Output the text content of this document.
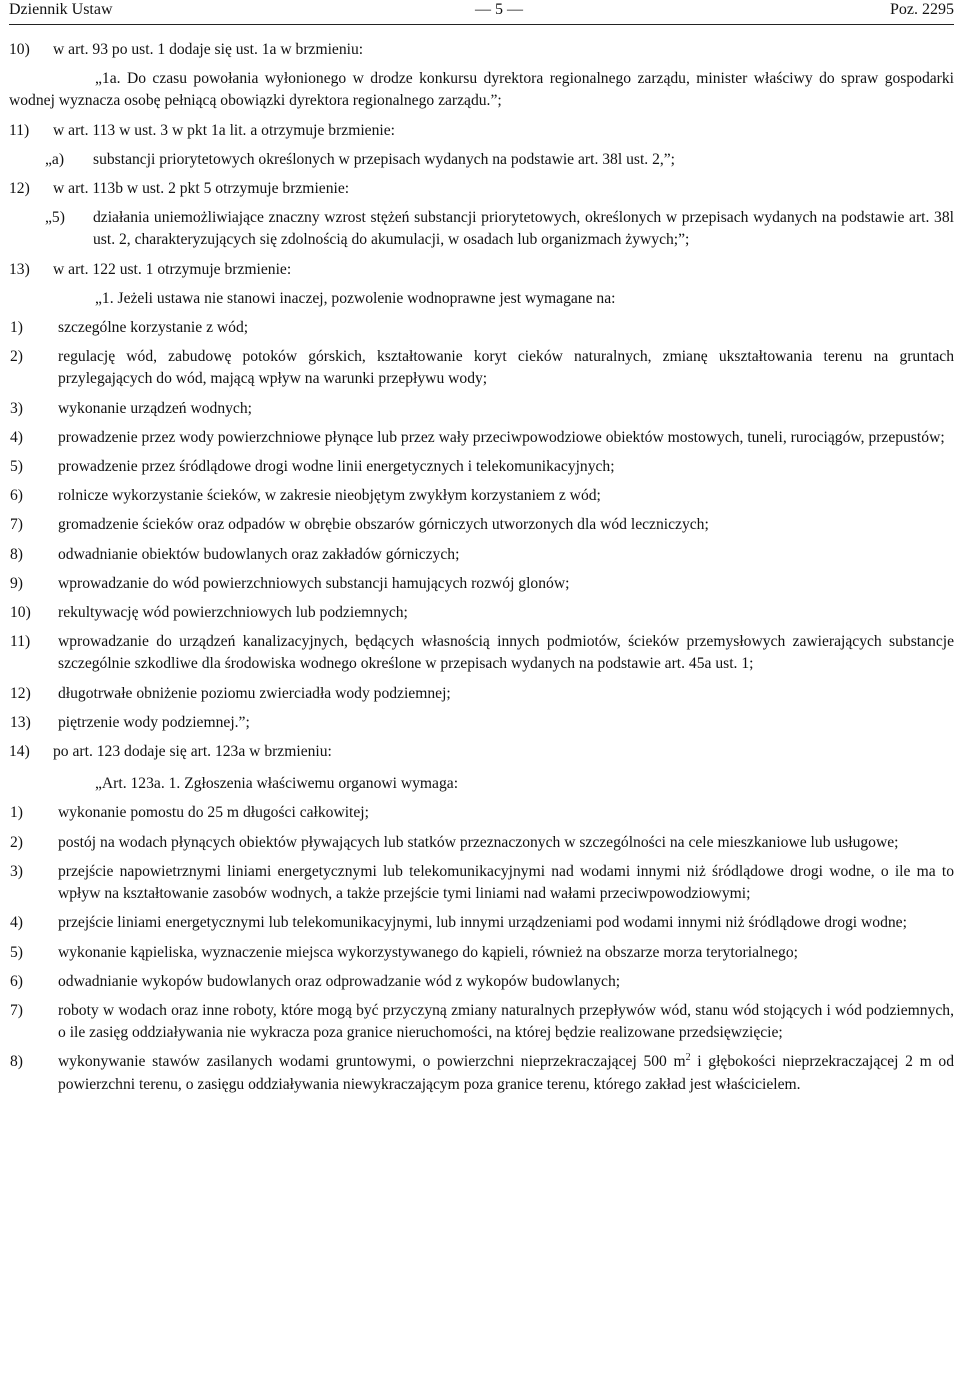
Dziennik Ustaw	— 5 —	Poz. 2295
10)	w art. 93 po ust. 1 dodaje się ust. 1a w brzmieniu:
„1a. Do czasu powołania wyłonionego w drodze konkursu dyrektora regionalnego zarządu, minister właściwy do spraw gospodarki wodnej wyznacza osobę pełniącą obowiązki dyrektora regionalnego zarządu.”;
11)	w art. 113 w ust. 3 w pkt 1a lit. a otrzymuje brzmienie:
„a)	substancji priorytetowych określonych w przepisach wydanych na podstawie art. 38l ust. 2,”;
12)	w art. 113b w ust. 2 pkt 5 otrzymuje brzmienie:
„5)	działania uniemożliwiające znaczny wzrost stężeń substancji priorytetowych, określonych w przepisach wydanych na podstawie art. 38l ust. 2, charakteryzujących się zdolnością do akumulacji, w osadach lub organizmach żywych;”;
13)	w art. 122 ust. 1 otrzymuje brzmienie:
„1. Jeżeli ustawa nie stanowi inaczej, pozwolenie wodnoprawne jest wymagane na:
1)	szczególne korzystanie z wód;
2)	regulację wód, zabudowę potoków górskich, kształtowanie koryt cieków naturalnych, zmianę ukształtowania terenu na gruntach przylegających do wód, mającą wpływ na warunki przepływu wody;
3)	wykonanie urządzeń wodnych;
4)	prowadzenie przez wody powierzchniowe płynące lub przez wały przeciwpowodziowe obiektów mostowych, tuneli, rurociągów, przepustów;
5)	prowadzenie przez śródlądowe drogi wodne linii energetycznych i telekomunikacyjnych;
6)	rolnicze wykorzystanie ścieków, w zakresie nieobjętym zwykłym korzystaniem z wód;
7)	gromadzenie ścieków oraz odpadów w obrębie obszarów górniczych utworzonych dla wód leczniczych;
8)	odwadnianie obiektów budowlanych oraz zakładów górniczych;
9)	wprowadzanie do wód powierzchniowych substancji hamujących rozwój glonów;
10)	rekultywację wód powierzchniowych lub podziemnych;
11)	wprowadzanie do urządzeń kanalizacyjnych, będących własnością innych podmiotów, ścieków przemysłowych zawierających substancje szczególnie szkodliwe dla środowiska wodnego określone w przepisach wydanych na podstawie art. 45a ust. 1;
12)	długotrwałe obniżenie poziomu zwierciadła wody podziemnej;
13)	piętrzenie wody podziemnej.”;
14)	po art. 123 dodaje się art. 123a w brzmieniu:
„Art. 123a. 1. Zgłoszenia właściwemu organowi wymaga:
1)	wykonanie pomostu do 25 m długości całkowitej;
2)	postój na wodach płynących obiektów pływających lub statków przeznaczonych w szczególności na cele mieszkaniowe lub usługowe;
3)	przejście napowietrznymi liniami energetycznymi lub telekomunikacyjnymi nad wodami innymi niż śródlądowe drogi wodne, o ile ma to wpływ na kształtowanie zasobów wodnych, a także przejście tymi liniami nad wałami przeciwpowodziowymi;
4)	przejście liniami energetycznymi lub telekomunikacyjnymi, lub innymi urządzeniami pod wodami innymi niż śródlądowe drogi wodne;
5)	wykonanie kąpieliska, wyznaczenie miejsca wykorzystywanego do kąpieli, również na obszarze morza terytorialnego;
6)	odwadnianie wykopów budowlanych oraz odprowadzanie wód z wykopów budowlanych;
7)	roboty w wodach oraz inne roboty, które mogą być przyczyną zmiany naturalnych przepływów wód, stanu wód stojących i wód podziemnych, o ile zasięg oddziaływania nie wykracza poza granice nieruchomości, na której będzie realizowane przedsięwzięcie;
8)	wykonywanie stawów zasilanych wodami gruntowymi, o powierzchni nieprzekraczającej 500 $m^2$ i głębokości nieprzekraczającej 2 m od powierzchni terenu, o zasięgu oddziaływania niewykraczającym poza granice terenu, którego zakład jest właścicielem.
